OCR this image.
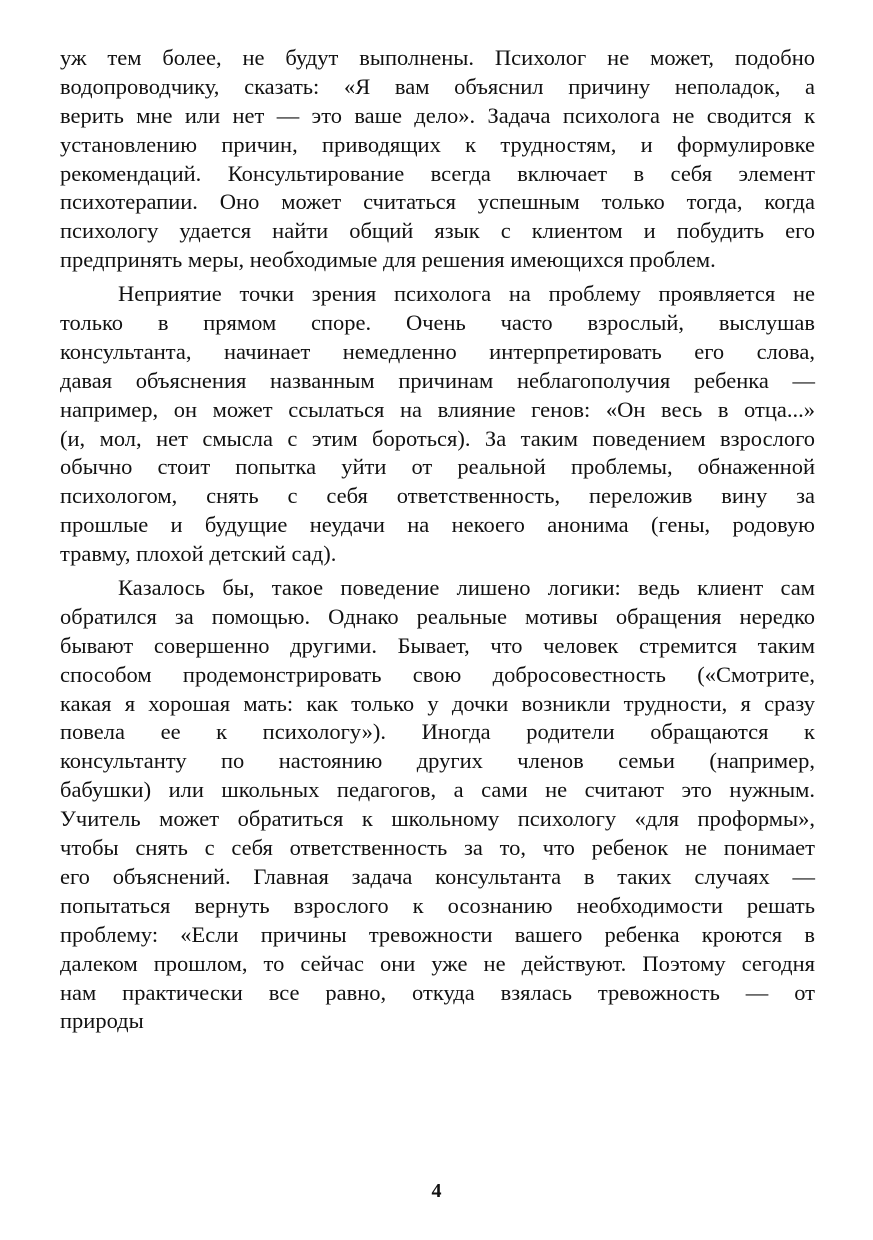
уж тем более, не будут выполнены. Психолог не может, подобно
водопроводчику, сказать: «Я вам объяснил причину неполадок, а
верить мне или нет — это ваше дело». Задача психолога не сводится к
установлению причин, приводящих к трудностям, и формулировке
рекомендаций. Консультирование всегда включает в себя элемент
психотерапии. Оно может считаться успешным только тогда, когда
психологу удается найти общий язык с клиентом и побудить его
предпринять меры, необходимые для решения имеющихся проблем.
Неприятие точки зрения психолога на проблему проявляется не
только в прямом споре. Очень часто взрослый, выслушав
консультанта, начинает немедленно интерпретировать его слова,
давая объяснения названным причинам неблагополучия ребенка —
например, он может ссылаться на влияние генов: «Он весь в отца...»
(и, мол, нет смысла с этим бороться). За таким поведением взрослого
обычно стоит попытка уйти от реальной проблемы, обнаженной
психологом, снять с себя ответственность, переложив вину за
прошлые и будущие неудачи на некоего анонима (гены, родовую
травму, плохой детский сад).
Казалось бы, такое поведение лишено логики: ведь клиент сам
обратился за помощью. Однако реальные мотивы обращения нередко
бывают совершенно другими. Бывает, что человек стремится таким
способом продемонстрировать свою добросовестность («Смотрите,
какая я хорошая мать: как только у дочки возникли трудности, я сразу
повела ее к психологу»). Иногда родители обращаются к
консультанту по настоянию других членов семьи (например,
бабушки) или школьных педагогов, а сами не считают это нужным.
Учитель может обратиться к школьному психологу «для проформы»,
чтобы снять с себя ответственность за то, что ребенок не понимает
его объяснений. Главная задача консультанта в таких случаях —
попытаться вернуть взрослого к осознанию необходимости решать
проблему: «Если причины тревожности вашего ребенка кроются в
далеком прошлом, то сейчас они уже не действуют. Поэтому сегодня
нам практически все равно, откуда взялась тревожность — от
природы
4
